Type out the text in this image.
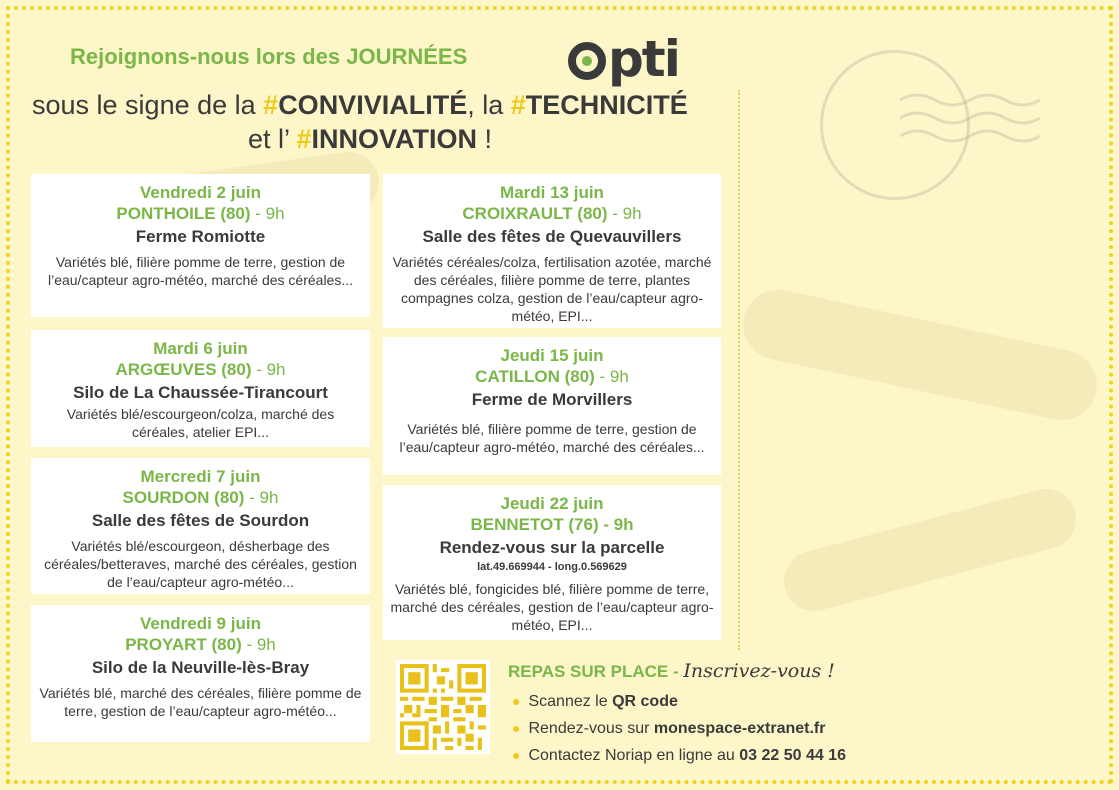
Rejoignons-nous lors des JOURNÉES	pti
sous le signe de la #CONVIVIALITÉ, la #TECHNICITÉ
et l’ #INNOVATION !
Vendredi 2 juin
PONTHOILE (80) - 9h
Ferme Romiotte
Variétés blé, filière pomme de terre, gestion de l’eau/capteur agro-météo, marché des céréales...
Mardi 6 juin
ARGŒUVES (80) - 9h
Silo de La Chaussée-Tirancourt
Variétés blé/escourgeon/colza, marché des céréales, atelier EPI...
Mercredi 7 juin
SOURDON (80) - 9h
Salle des fêtes de Sourdon
Variétés blé/escourgeon, désherbage des céréales/betteraves, marché des céréales, gestion de l’eau/capteur agro-météo...
Vendredi 9 juin
PROYART (80) - 9h
Silo de la Neuville-lès-Bray
Variétés blé, marché des céréales, filière pomme de terre, gestion de l’eau/capteur agro-météo...
Mardi 13 juin
CROIXRAULT (80) - 9h
Salle des fêtes de Quevauvillers
Variétés céréales/colza, fertilisation azotée, marché des céréales, filière pomme de terre, plantes compagnes colza, gestion de l’eau/capteur agro-météo, EPI...
Jeudi 15 juin
CATILLON (80) - 9h
Ferme de Morvillers
Variétés blé, filière pomme de terre, gestion de l’eau/capteur agro-météo, marché des céréales...
Jeudi 22 juin
BENNETOT (76) - 9h
Rendez-vous sur la parcelle
lat.49.669944 - long.0.569629
Variétés blé, fongicides blé, filière pomme de terre, marché des céréales, gestion de l’eau/capteur agro-météo, EPI...
REPAS SUR PLACE - Inscrivez-vous !
● Scannez le QR code
● Rendez-vous sur monespace-extranet.fr
● Contactez Noriap en ligne au 03 22 50 44 16
